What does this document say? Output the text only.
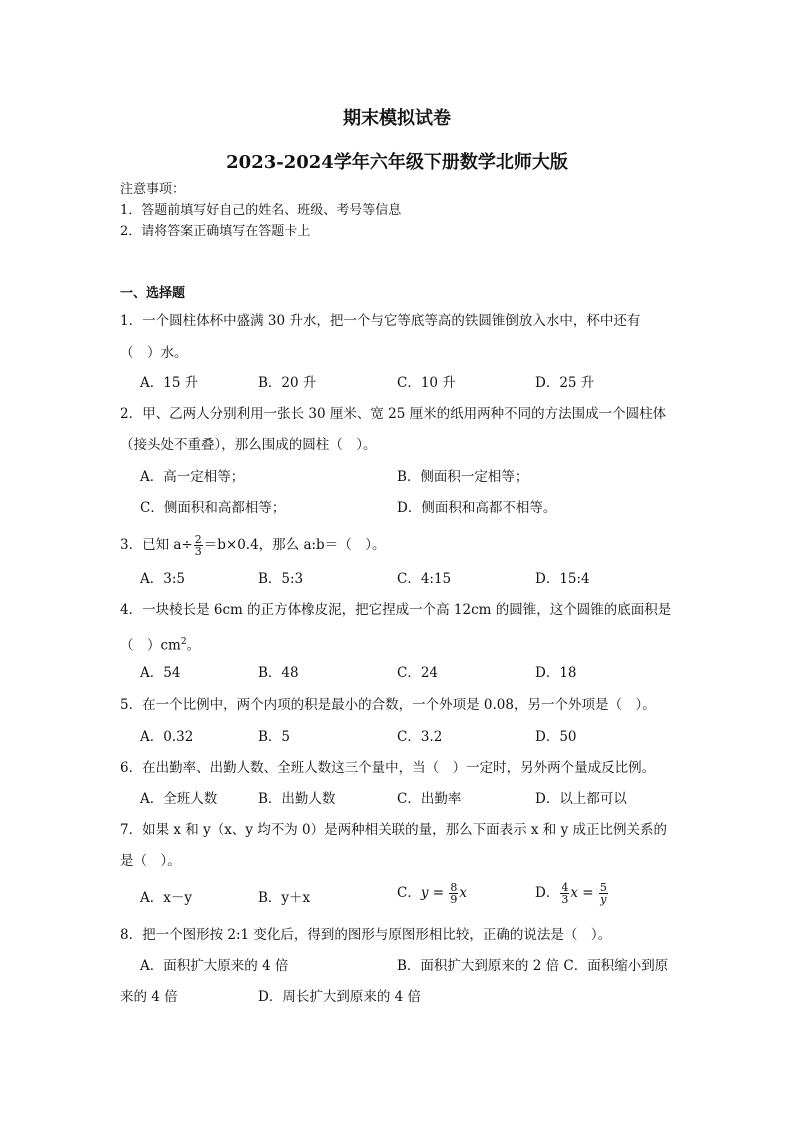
期末模拟试卷
2023-2024学年六年级下册数学北师大版
注意事项：
1．答题前填写好自己的姓名、班级、考号等信息
2．请将答案正确填写在答题卡上
一、选择题
1．一个圆柱体杯中盛满 30 升水，把一个与它等底等高的铁圆锥倒放入水中，杯中还有
（　）水。
A．15 升	B．20 升	C．10 升	D．25 升
2．甲、乙两人分别利用一张长 30 厘米、宽 25 厘米的纸用两种不同的方法围成一个圆柱体
（接头处不重叠），那么围成的圆柱（　）。
A．高一定相等；	B．侧面积一定相等；
C．侧面积和高都相等；	D．侧面积和高都不相等。
3．已知 $a\div \frac{2}{3} =b\times 0.4$，那么 a:b＝（　）。
A．3:5	B．5:3	C．4:15	D．15:4
4．一块棱长是 6cm 的正方体橡皮泥，把它捏成一个高 12cm 的圆锥，这个圆锥的底面积是
（　）$cm^2$。
A．54	B．48	C．24	D．18
5．在一个比例中，两个内项的积是最小的合数，一个外项是 0.08，另一个外项是（　）。
A．0.32	B．5	C．3.2	D．50
6．在出勤率、出勤人数、全班人数这三个量中，当（　）一定时，另外两个量成反比例。
A．全班人数	B．出勤人数	C．出勤率	D．以上都可以
7．如果 x 和 y（x、y 均不为 0）是两种相关联的量，那么下面表示 x 和 y 成正比例关系的
是（　）。
A．x－y	B．y＋x	C．$y = \frac{8}{9}$ x	D． $\frac{4}{3}$ $x = \frac{5}{y}$
8．把一个图形按 2:1 变化后，得到的图形与原图形相比较，正确的说法是（　）。
A．面积扩大原来的 4 倍	B．面积扩大到原来的 2 倍 C．面积缩小到原
来的 4 倍	D．周长扩大到原来的 4 倍
